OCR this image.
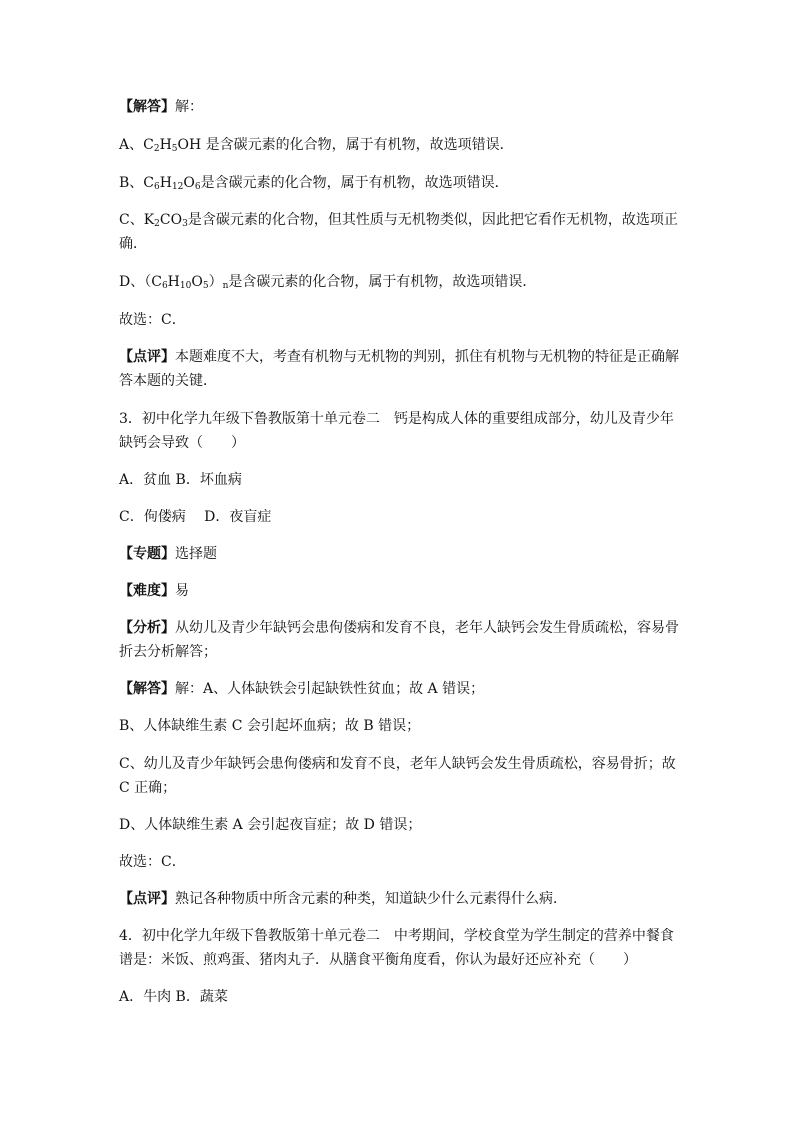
【解答】解：
A、$C_2H_5OH$ 是含碳元素的化合物，属于有机物，故选项错误．
B、$C_6H_{12}O_6$是含碳元素的化合物，属于有机物，故选项错误．
C、$K_2CO_3$是含碳元素的化合物，但其性质与无机物类似，因此把它看作无机物，故选项正
确．
D、$(C_6H_{10}O_5)_n$是含碳元素的化合物，属于有机物，故选项错误．
故选：C．
【点评】本题难度不大，考查有机物与无机物的判别，抓住有机物与无机物的特征是正确解
答本题的关键．
3．初中化学九年级下鲁教版第十单元卷二　钙是构成人体的重要组成部分，幼儿及青少年
缺钙会导致（　　）
A．贫血 B．坏血病
C．佝偻病　 D．夜盲症
【专题】选择题
【难度】易
【分析】从幼儿及青少年缺钙会患佝偻病和发育不良，老年人缺钙会发生骨质疏松，容易骨
折去分析解答；
【解答】解：A、人体缺铁会引起缺铁性贫血；故 A 错误；
B、人体缺维生素 C 会引起坏血病；故 B 错误；
C、幼儿及青少年缺钙会患佝偻病和发育不良，老年人缺钙会发生骨质疏松，容易骨折；故
C 正确；
D、人体缺维生素 A 会引起夜盲症；故 D 错误；
故选：C．
【点评】熟记各种物质中所含元素的种类，知道缺少什么元素得什么病．
4．初中化学九年级下鲁教版第十单元卷二　中考期间，学校食堂为学生制定的营养中餐食
谱是：米饭、煎鸡蛋、猪肉丸子．从膳食平衡角度看，你认为最好还应补充（　　）
A．牛肉 B．蔬菜
